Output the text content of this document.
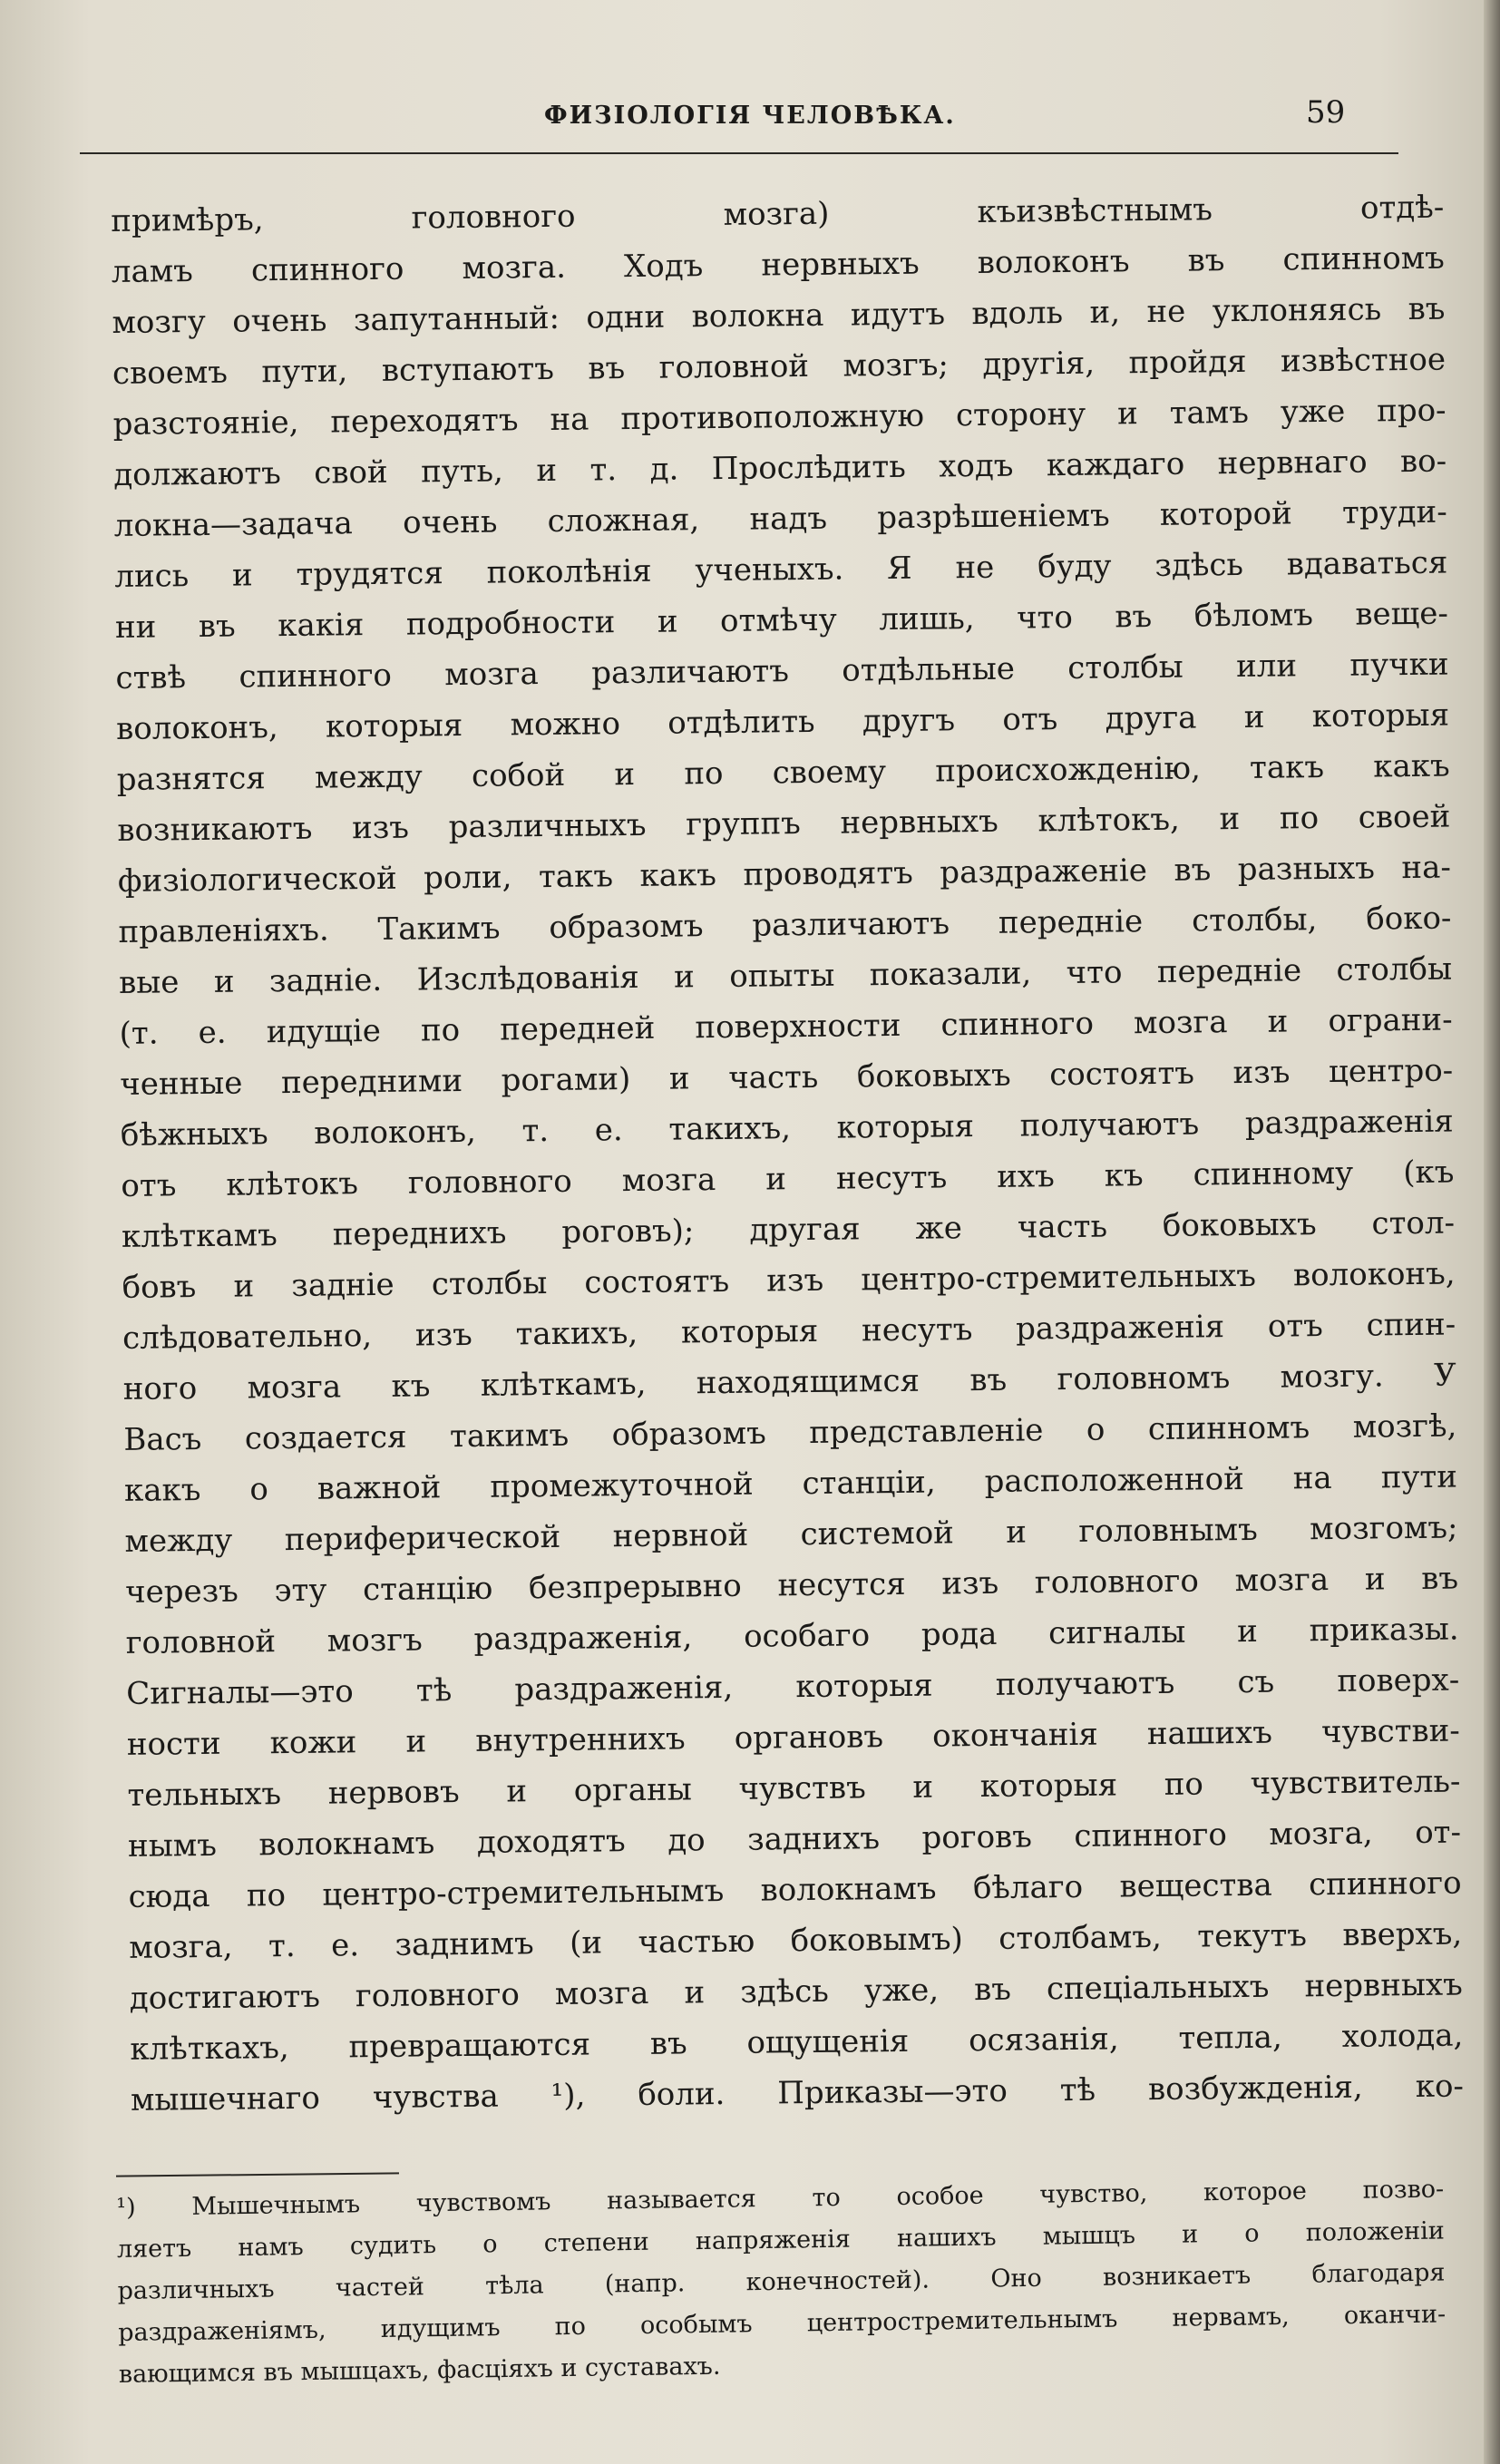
ФИЗІОЛОГІЯ ЧЕЛОВѢКА.	59
примѣръ, головного мозга) къизвѣстнымъ отдѣ-
ламъ спинного мозга. Ходъ нервныхъ волоконъ въ спинномъ
мозгу очень запутанный: одни волокна идутъ вдоль и, не уклоняясь въ
своемъ пути, вступаютъ въ головной мозгъ; другія, пройдя извѣстное
разстояніе, переходятъ на противоположную сторону и тамъ уже про-
должаютъ свой путь, и т. д. Прослѣдить ходъ каждаго нервнаго во-
локна—задача очень сложная, надъ разрѣшеніемъ которой труди-
лись и трудятся поколѣнія ученыхъ. Я не буду здѣсь вдаваться
ни въ какія подробности и отмѣчу лишь, что въ бѣломъ веще-
ствѣ спинного мозга различаютъ отдѣльные столбы или пучки
волоконъ, которыя можно отдѣлить другъ отъ друга и которыя
разнятся между собой и по своему происхожденію, такъ какъ
возникаютъ изъ различныхъ группъ нервныхъ клѣтокъ, и по своей
физіологической роли, такъ какъ проводятъ раздраженіе въ разныхъ на-
правленіяхъ. Такимъ образомъ различаютъ передніе столбы, боко-
вые и задніе. Изслѣдованія и опыты показали, что передніе столбы
(т. е. идущіе по передней поверхности спинного мозга и ограни-
ченные передними рогами) и часть боковыхъ состоятъ изъ центро-
бѣжныхъ волоконъ, т. е. такихъ, которыя получаютъ раздраженія
отъ клѣтокъ головного мозга и несутъ ихъ къ спинному (къ
клѣткамъ переднихъ роговъ); другая же часть боковыхъ стол-
бовъ и задніе столбы состоятъ изъ центро-стремительныхъ волоконъ,
слѣдовательно, изъ такихъ, которыя несутъ раздраженія отъ спин-
ного мозга къ клѣткамъ, находящимся въ головномъ мозгу. У
Васъ создается такимъ образомъ представленіе о спинномъ мозгѣ,
какъ о важной промежуточной станціи, расположенной на пути
между периферической нервной системой и головнымъ мозгомъ;
черезъ эту станцію безпрерывно несутся изъ головного мозга и въ
головной мозгъ раздраженія, особаго рода сигналы и приказы.
Сигналы—это тѣ раздраженія, которыя получаютъ съ поверх-
ности кожи и внутреннихъ органовъ окончанія нашихъ чувстви-
тельныхъ нервовъ и органы чувствъ и которыя по чувствитель-
нымъ волокнамъ доходятъ до заднихъ роговъ спинного мозга, от-
сюда по центро-стремительнымъ волокнамъ бѣлаго вещества спинного
мозга, т. е. заднимъ (и частью боковымъ) столбамъ, текутъ вверхъ,
достигаютъ головного мозга и здѣсь уже, въ спеціальныхъ нервныхъ
клѣткахъ, превращаются въ ощущенія осязанія, тепла, холода,
мышечнаго чувства ¹), боли. Приказы—это тѣ возбужденія, ко-
¹) Мышечнымъ чувствомъ называется то особое чувство, которое позво-
ляетъ намъ судить о степени напряженія нашихъ мышцъ и о положеніи
различныхъ частей тѣла (напр. конечностей). Оно возникаетъ благодаря
раздраженіямъ, идущимъ по особымъ центростремительнымъ нервамъ, оканчи-
вающимся въ мышцахъ, фасціяхъ и суставахъ.
